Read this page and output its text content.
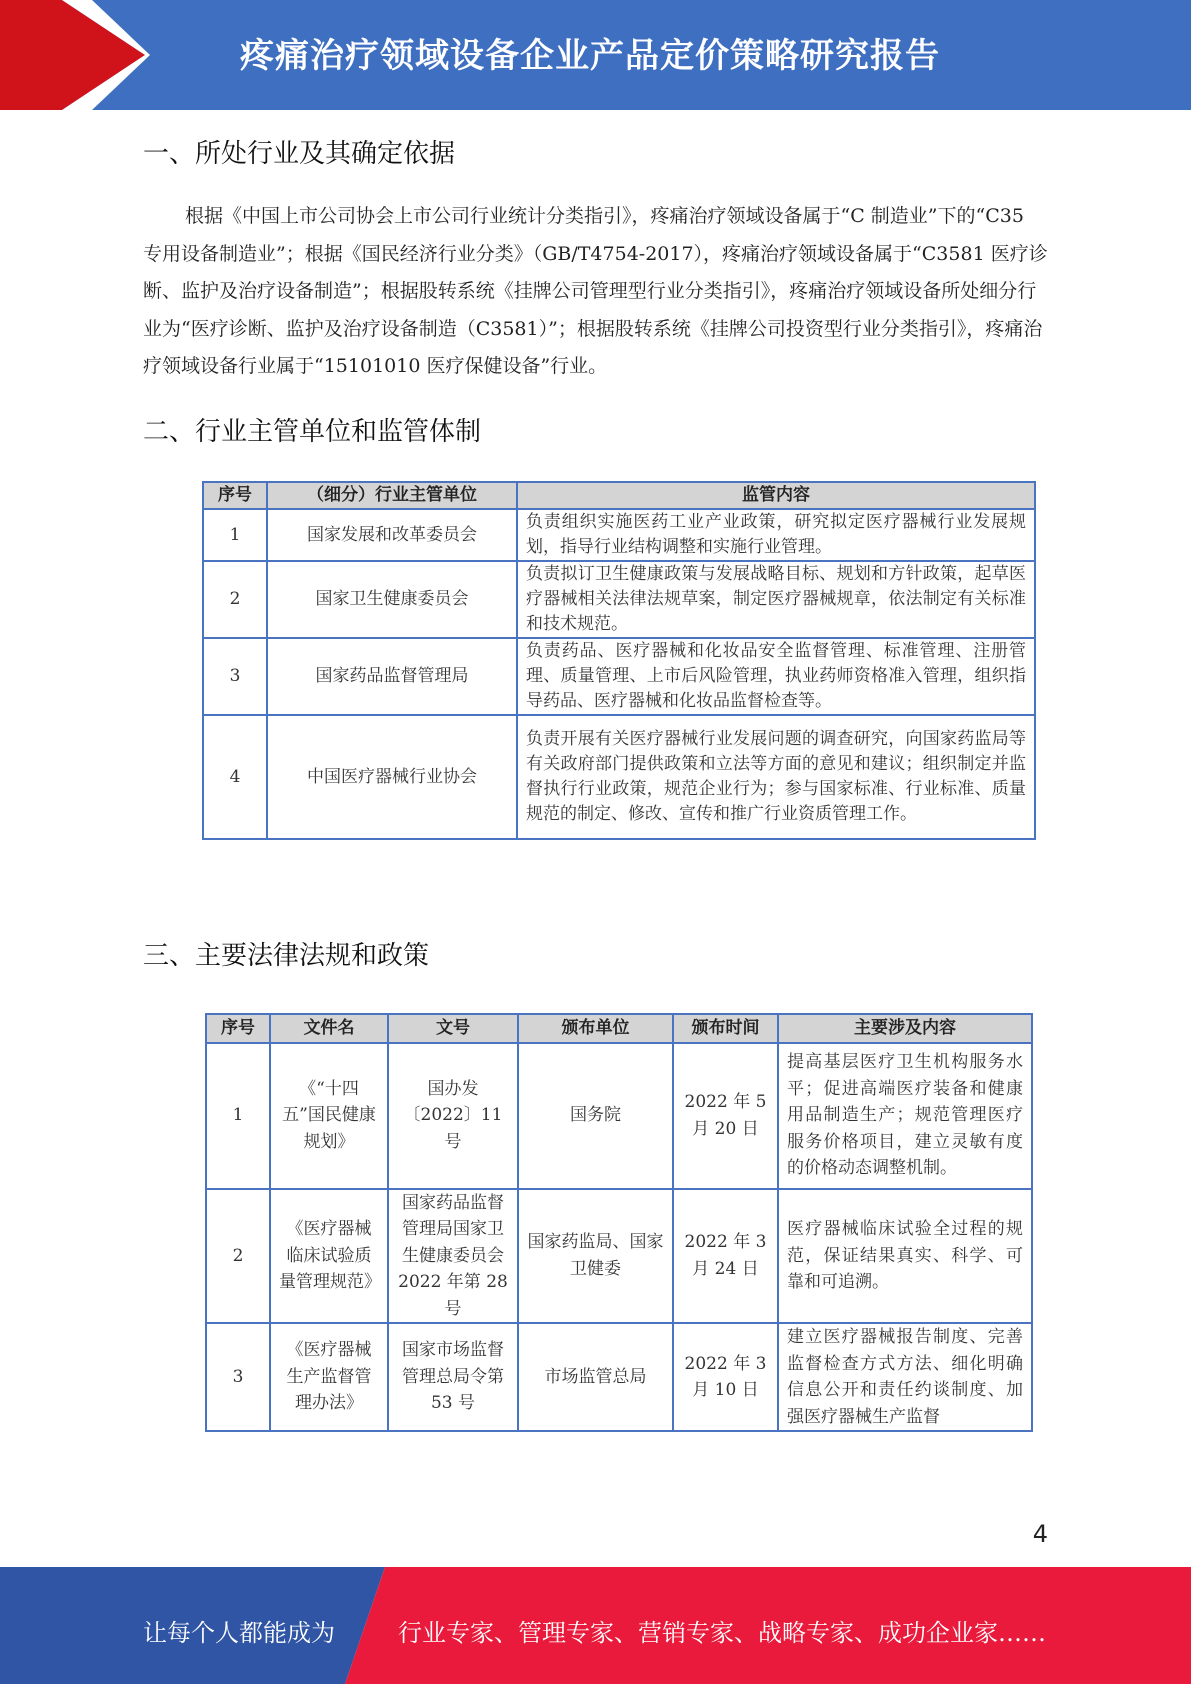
疼痛治疗领域设备企业产品定价策略研究报告
一、所处行业及其确定依据

根据《中国上市公司协会上市公司行业统计分类指引》，疼痛治疗领域设备属于“C 制造业”下的“C35 专用设备制造业”；根据《国民经济行业分类》（GB/T4754-2017），疼痛治疗领域设备属于“C3581 医疗诊断、监护及治疗设备制造”；根据股转系统《挂牌公司管理型行业分类指引》，疼痛治疗领域设备所处细分行业为“医疗诊断、监护及治疗设备制造（C3581）”；根据股转系统《挂牌公司投资型行业分类指引》，疼痛治疗领域设备行业属于“15101010 医疗保健设备”行业。

二、行业主管单位和监管体制
序号	（细分）行业主管单位	监管内容
1	国家发展和改革委员会	负责组织实施医药工业产业政策，研究拟定医疗器械行业发展规划，指导行业结构调整和实施行业管理。
2	国家卫生健康委员会	负责拟订卫生健康政策与发展战略目标、规划和方针政策，起草医疗器械相关法律法规草案，制定医疗器械规章，依法制定有关标准和技术规范。
3	国家药品监督管理局	负责药品、医疗器械和化妆品安全监督管理、标准管理、注册管理、质量管理、上市后风险管理，执业药师资格准入管理，组织指导药品、医疗器械和化妆品监督检查等。
4	中国医疗器械行业协会	负责开展有关医疗器械行业发展问题的调查研究，向国家药监局等有关政府部门提供政策和立法等方面的意见和建议；组织制定并监督执行行业政策，规范企业行为；参与国家标准、行业标准、质量规范的制定、修改、宣传和推广行业资质管理工作。
三、主要法律法规和政策
序号	文件名	文号	颁布单位	颁布时间	主要涉及内容
1	《“十四五”国民健康规划》	国办发〔2022〕11号	国务院	2022 年 5 月 20 日	提高基层医疗卫生机构服务水平；促进高端医疗装备和健康用品制造生产；规范管理医疗服务价格项目，建立灵敏有度的价格动态调整机制。
2	《医疗器械临床试验质量管理规范》	国家药品监督管理局国家卫生健康委员会 2022 年第 28 号	国家药监局、国家卫健委	2022 年 3 月 24 日	医疗器械临床试验全过程的规范，保证结果真实、科学、可靠和可追溯。
3	《医疗器械生产监督管理办法》	国家市场监督管理总局令第 53 号	市场监管总局	2022 年 3 月 10 日	建立医疗器械报告制度、完善监督检查方式方法、细化明确信息公开和责任约谈制度、加强医疗器械生产监督
4
让每个人都能成为	行业专家、管理专家、营销专家、战略专家、成功企业家……
